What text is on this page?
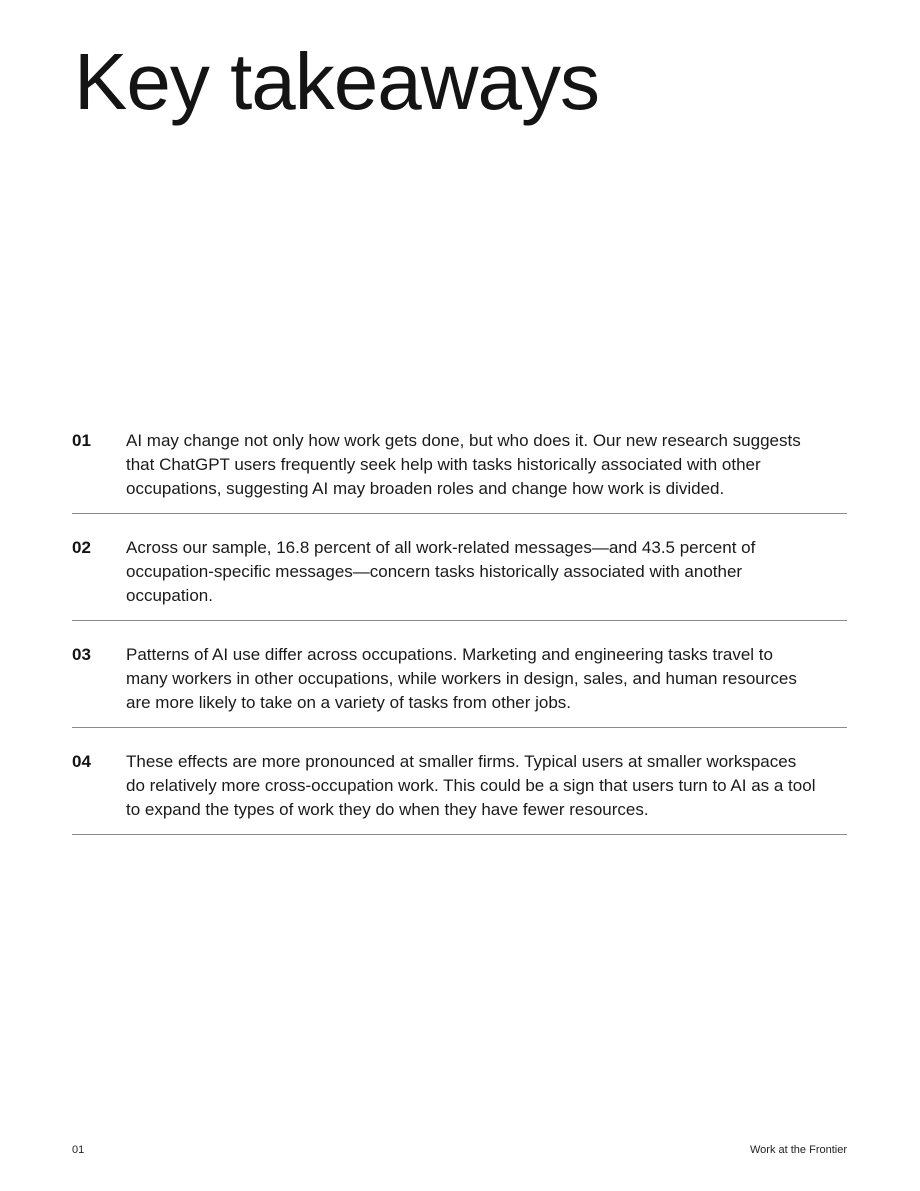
Key takeaways
01	AI may change not only how work gets done, but who does it. Our new research suggests that ChatGPT users frequently seek help with tasks historically associated with other occupations, suggesting AI may broaden roles and change how work is divided.
02	Across our sample, 16.8 percent of all work-related messages—and 43.5 percent of occupation-specific messages—concern tasks historically associated with another occupation.
03	Patterns of AI use differ across occupations. Marketing and engineering tasks travel to many workers in other occupations, while workers in design, sales, and human resources are more likely to take on a variety of tasks from other jobs.
04	These effects are more pronounced at smaller firms. Typical users at smaller workspaces do relatively more cross-occupation work. This could be a sign that users turn to AI as a tool to expand the types of work they do when they have fewer resources.
01	Work at the Frontier
